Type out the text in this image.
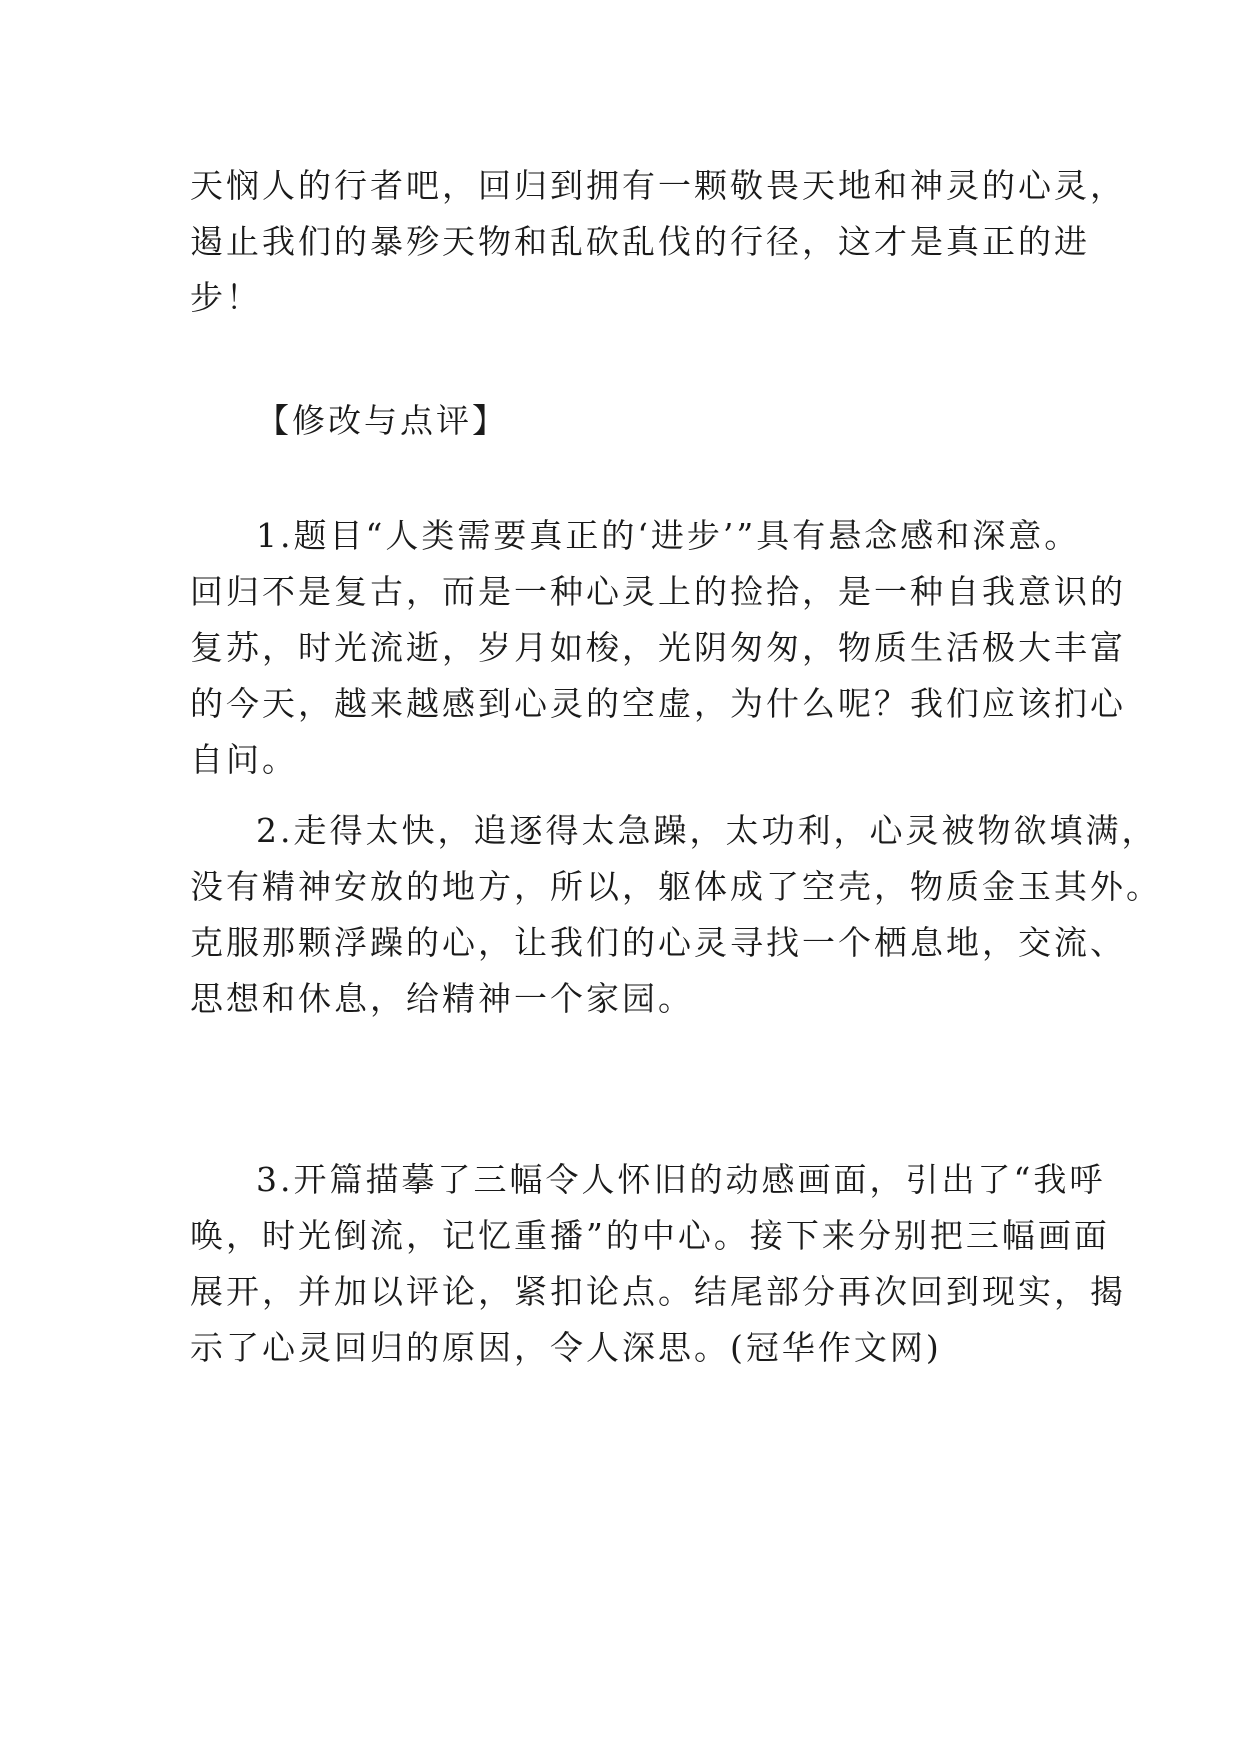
天悯人的行者吧，回归到拥有一颗敬畏天地和神灵的心灵，
遏止我们的暴殄天物和乱砍乱伐的行径，这才是真正的进
步！
【修改与点评】
1.题目“人类需要真正的‘进步’”具有悬念感和深意。
回归不是复古，而是一种心灵上的捡拾，是一种自我意识的
复苏，时光流逝，岁月如梭，光阴匆匆，物质生活极大丰富
的今天，越来越感到心灵的空虚，为什么呢？我们应该扪心
自问。
2.走得太快，追逐得太急躁，太功利，心灵被物欲填满，
没有精神安放的地方，所以，躯体成了空壳，物质金玉其外。
克服那颗浮躁的心，让我们的心灵寻找一个栖息地，交流、
思想和休息，给精神一个家园。
3.开篇描摹了三幅令人怀旧的动感画面，引出了“我呼
唤，时光倒流，记忆重播”的中心。接下来分别把三幅画面
展开，并加以评论，紧扣论点。结尾部分再次回到现实，揭
示了心灵回归的原因，令人深思。(冠华作文网)
